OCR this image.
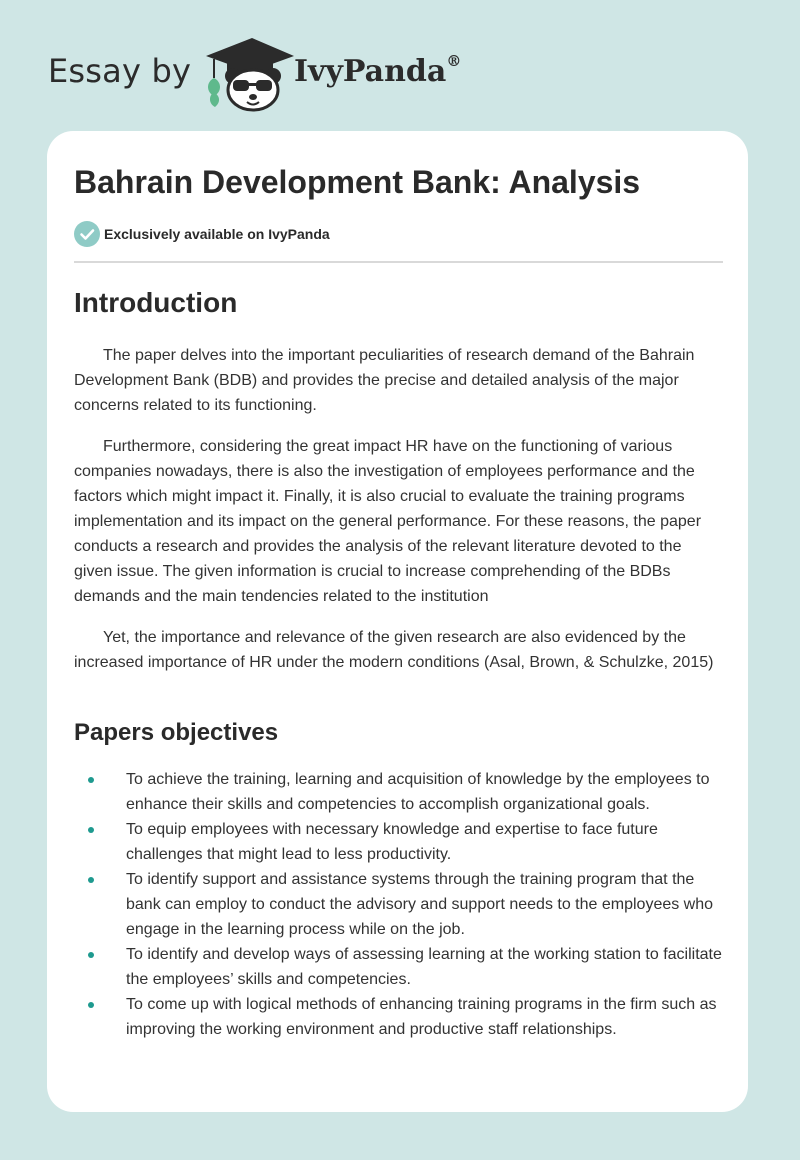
Essay by	IvyPanda®
Bahrain Development Bank: Analysis
Exclusively available on IvyPanda
Introduction

The paper delves into the important peculiarities of research demand of the Bahrain Development Bank (BDB) and provides the precise and detailed analysis of the major concerns related to its functioning.

Furthermore, considering the great impact HR have on the functioning of various companies nowadays, there is also the investigation of employees performance and the factors which might impact it. Finally, it is also crucial to evaluate the training programs implementation and its impact on the general performance. For these reasons, the paper conducts a research and provides the analysis of the relevant literature devoted to the given issue. The given information is crucial to increase comprehending of the BDBs demands and the main tendencies related to the institution

Yet, the importance and relevance of the given research are also evidenced by the increased importance of HR under the modern conditions (Asal, Brown, & Schulzke, 2015)

Papers objectives
To achieve the training, learning and acquisition of knowledge by the employees to enhance their skills and competencies to accomplish organizational goals.
To equip employees with necessary knowledge and expertise to face future challenges that might lead to less productivity.
To identify support and assistance systems through the training program that the bank can employ to conduct the advisory and support needs to the employees who engage in the learning process while on the job.
To identify and develop ways of assessing learning at the working station to facilitate the employees’ skills and competencies.
To come up with logical methods of enhancing training programs in the firm such as improving the working environment and productive staff relationships.
